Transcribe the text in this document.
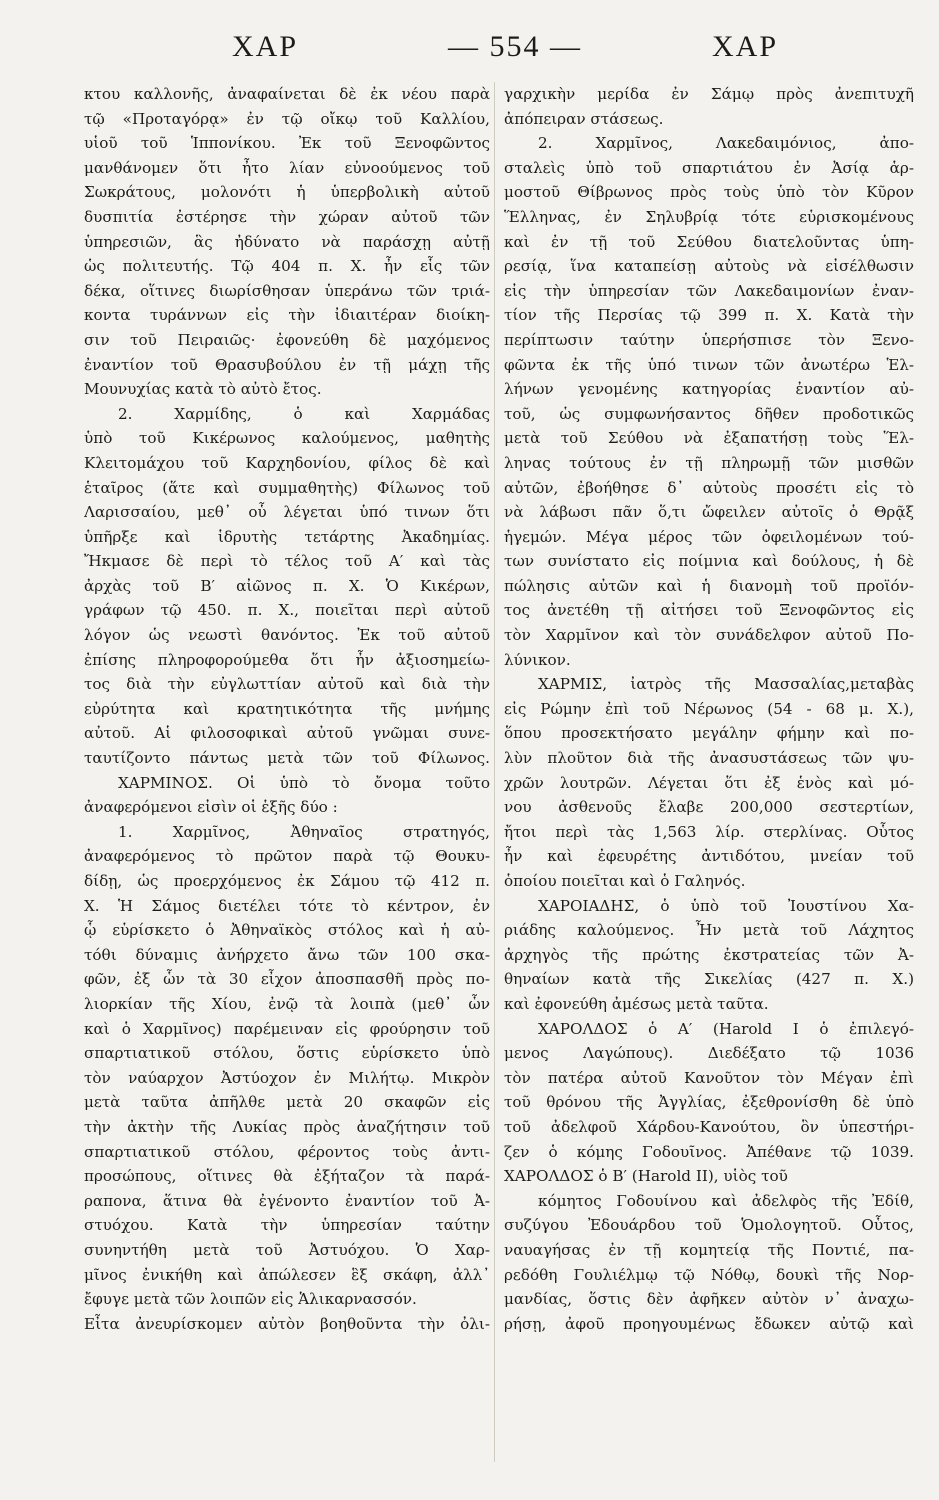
ΧΑΡ	— 554 —	ΧΑΡ

κτου καλλονῆς, ἀναφαίνεται δὲ ἐκ νέου παρὰ

τῷ «Προταγόρᾳ» ἐν τῷ οἴκῳ τοῦ Καλλίου,

υἱοῦ τοῦ Ἱππονίκου. Ἐκ τοῦ Ξενοφῶντος

μανθάνομεν ὅτι ἦτο λίαν εὐνοούμενος τοῦ

Σωκράτους, μολονότι ἡ ὑπερβολικὴ αὐτοῦ

δυσπιτία ἐστέρησε τὴν χώραν αὐτοῦ τῶν

ὑπηρεσιῶν, ἃς ἠδύνατο νὰ παράσχῃ αὐτῇ

ὡς πολιτευτής. Τῷ 404 π. Χ. ἦν εἷς τῶν

δέκα, οἵτινες διωρίσθησαν ὑπεράνω τῶν τριά-

κοντα τυράννων εἰς τὴν ἰδιαιτέραν διοίκη-

σιν τοῦ Πειραιῶς· ἐφονεύθη δὲ μαχόμενος

ἐναντίον τοῦ Θρασυβούλου ἐν τῇ μάχῃ τῆς

Μουνυχίας κατὰ τὸ αὐτὸ ἔτος.

2. Χαρμίδης, ὁ καὶ Χαρμάδας

ὑπὸ τοῦ Κικέρωνος καλούμενος, μαθητὴς

Κλειτομάχου τοῦ Καρχηδονίου, φίλος δὲ καὶ

ἑταῖρος (ἅτε καὶ συμμαθητὴς) Φίλωνος τοῦ

Λαρισσαίου, μεθ᾽ οὗ λέγεται ὑπό τινων ὅτι

ὑπῆρξε καὶ ἱδρυτὴς τετάρτης Ἀκαδημίας.

Ἤκμασε δὲ περὶ τὸ τέλος τοῦ Α′ καὶ τὰς

ἀρχὰς τοῦ Β′ αἰῶνος π. Χ. Ὁ Κικέρων,

γράφων τῷ 450. π. Χ., ποιεῖται περὶ αὐτοῦ

λόγον ὡς νεωστὶ θανόντος. Ἐκ τοῦ αὐτοῦ

ἐπίσης πληροφορούμεθα ὅτι ἦν ἀξιοσημείω-

τος διὰ τὴν εὐγλωττίαν αὐτοῦ καὶ διὰ τὴν

εὐρύτητα καὶ κρατητικότητα τῆς μνήμης

αὐτοῦ. Αἱ φιλοσοφικαὶ αὐτοῦ γνῶμαι συνε-

ταυτίζοντο πάντως μετὰ τῶν τοῦ Φίλωνος.

ΧΑΡΜΙΝΟΣ. Οἱ ὑπὸ τὸ ὄνομα τοῦτο

ἀναφερόμενοι εἰσὶν οἱ ἑξῆς δύο :

1. Χαρμῖνος, Ἀθηναῖος στρατηγός,

ἀναφερόμενος τὸ πρῶτον παρὰ τῷ Θουκυ-

δίδῃ, ὡς προερχόμενος ἐκ Σάμου τῷ 412 π.

Χ. Ἡ Σάμος διετέλει τότε τὸ κέντρον, ἐν

ᾧ εὑρίσκετο ὁ Ἀθηναϊκὸς στόλος καὶ ἡ αὐ-

τόθι δύναμις ἀνήρχετο ἄνω τῶν 100 σκα-

φῶν, ἐξ ὧν τὰ 30 εἶχον ἀποσπασθῆ πρὸς πο-

λιορκίαν τῆς Χίου, ἐνῷ τὰ λοιπὰ (μεθ᾽ ὧν

καὶ ὁ Χαρμῖνος) παρέμειναν εἰς φρούρησιν τοῦ

σπαρτιατικοῦ στόλου, ὅστις εὑρίσκετο ὑπὸ

τὸν ναύαρχον Ἀστύοχον ἐν Μιλήτῳ. Μικρὸν

μετὰ ταῦτα ἀπῆλθε μετὰ 20 σκαφῶν εἰς

τὴν ἀκτὴν τῆς Λυκίας πρὸς ἀναζήτησιν τοῦ

σπαρτιατικοῦ στόλου, φέροντος τοὺς ἀντι-

προσώπους, οἵτινες θὰ ἐξήταζον τὰ παρά-

ραπονα, ἅτινα θὰ ἐγένοντο ἐναντίον τοῦ Ἀ-

στυόχου. Κατὰ τὴν ὑπηρεσίαν ταύτην

συνηντήθη μετὰ τοῦ Ἀστυόχου. Ὁ Χαρ-

μῖνος ἐνικήθη καὶ ἀπώλεσεν ἓξ σκάφη, ἀλλ᾽

ἔφυγε μετὰ τῶν λοιπῶν εἰς Ἁλικαρνασσόν.

Εἶτα ἀνευρίσκομεν αὐτὸν βοηθοῦντα τὴν ὀλι-

γαρχικὴν μερίδα ἐν Σάμῳ πρὸς ἀνεπιτυχῆ

ἀπόπειραν στάσεως.

2. Χαρμῖνος, Λακεδαιμόνιος, ἀπο-

σταλεὶς ὑπὸ τοῦ σπαρτιάτου ἐν Ἀσίᾳ ἁρ-

μοστοῦ Θίβρωνος πρὸς τοὺς ὑπὸ τὸν Κῦρον

Ἕλληνας, ἐν Σηλυβρίᾳ τότε εὑρισκομένους

καὶ ἐν τῇ τοῦ Σεύθου διατελοῦντας ὑπη-

ρεσίᾳ, ἵνα καταπείσῃ αὐτοὺς νὰ εἰσέλθωσιν

εἰς τὴν ὑπηρεσίαν τῶν Λακεδαιμονίων ἐναν-

τίον τῆς Περσίας τῷ 399 π. Χ. Κατὰ τὴν

περίπτωσιν ταύτην ὑπερήσπισε τὸν Ξενο-

φῶντα ἐκ τῆς ὑπό τινων τῶν ἀνωτέρω Ἑλ-

λήνων γενομένης κατηγορίας ἐναντίον αὐ-

τοῦ, ὡς συμφωνήσαντος δῆθεν προδοτικῶς

μετὰ τοῦ Σεύθου νὰ ἐξαπατήσῃ τοὺς Ἕλ-

ληνας τούτους ἐν τῇ πληρωμῇ τῶν μισθῶν

αὐτῶν, ἐβοήθησε δ᾽ αὐτοὺς προσέτι εἰς τὸ

νὰ λάβωσι πᾶν ὅ,τι ὤφειλεν αὐτοῖς ὁ Θρᾷξ

ἡγεμών. Μέγα μέρος τῶν ὀφειλομένων τού-

των συνίστατο εἰς ποίμνια καὶ δούλους, ἡ δὲ

πώλησις αὐτῶν καὶ ἡ διανομὴ τοῦ προϊόν-

τος ἀνετέθη τῇ αἰτήσει τοῦ Ξενοφῶντος εἰς

τὸν Χαρμῖνον καὶ τὸν συνάδελφον αὐτοῦ Πο-

λύνικον.

ΧΑΡΜΙΣ, ἰατρὸς τῆς Μασσαλίας,μεταβὰς

εἰς Ρώμην ἐπὶ τοῦ Νέρωνος (54 - 68 μ. Χ.),

ὅπου προσεκτήσατο μεγάλην φήμην καὶ πο-

λὺν πλοῦτον διὰ τῆς ἀνασυστάσεως τῶν ψυ-

χρῶν λουτρῶν. Λέγεται ὅτι ἐξ ἑνὸς καὶ μό-

νου ἀσθενοῦς ἔλαβε 200,000 σεστερτίων,

ἤτοι περὶ τὰς 1,563 λίρ. στερλίνας. Οὗτος

ἦν καὶ ἐφευρέτης ἀντιδότου, μνείαν τοῦ

ὁποίου ποιεῖται καὶ ὁ Γαληνός.

ΧΑΡΟΙΑΔΗΣ, ὁ ὑπὸ τοῦ Ἰουστίνου Χα-

ριάδης καλούμενος. Ἦν μετὰ τοῦ Λάχητος

ἀρχηγὸς τῆς πρώτης ἐκστρατείας τῶν Ἀ-

θηναίων κατὰ τῆς Σικελίας (427 π. Χ.)

καὶ ἐφονεύθη ἀμέσως μετὰ ταῦτα.

ΧΑΡΟΛΔΟΣ ὁ Α′ (Harold I ὁ ἐπιλεγό-

μενος Λαγώπους). Διεδέξατο τῷ 1036

τὸν πατέρα αὐτοῦ Κανοῦτον τὸν Μέγαν ἐπὶ

τοῦ θρόνου τῆς Ἀγγλίας, ἐξεθρονίσθη δὲ ὑπὸ

τοῦ ἀδελφοῦ Χάρδου-Κανούτου, ὃν ὑπεστήρι-

ζεν ὁ κόμης Γοδουῖνος. Ἀπέθανε τῷ 1039.

ΧΑΡΟΛΔΟΣ ὁ Β′ (Harold II), υἱὸς τοῦ

κόμητος Γοδουίνου καὶ ἀδελφὸς τῆς Ἐδίθ,

συζύγου Ἐδουάρδου τοῦ Ὁμολογητοῦ. Οὗτος,

ναυαγήσας ἐν τῇ κομητείᾳ τῆς Ποντιέ, πα-

ρεδόθη Γουλιέλμῳ τῷ Νόθῳ, δουκὶ τῆς Νορ-

μανδίας, ὅστις δὲν ἀφῆκεν αὐτὸν ν᾽ ἀναχω-

ρήσῃ, ἀφοῦ προηγουμένως ἔδωκεν αὐτῷ καὶ
